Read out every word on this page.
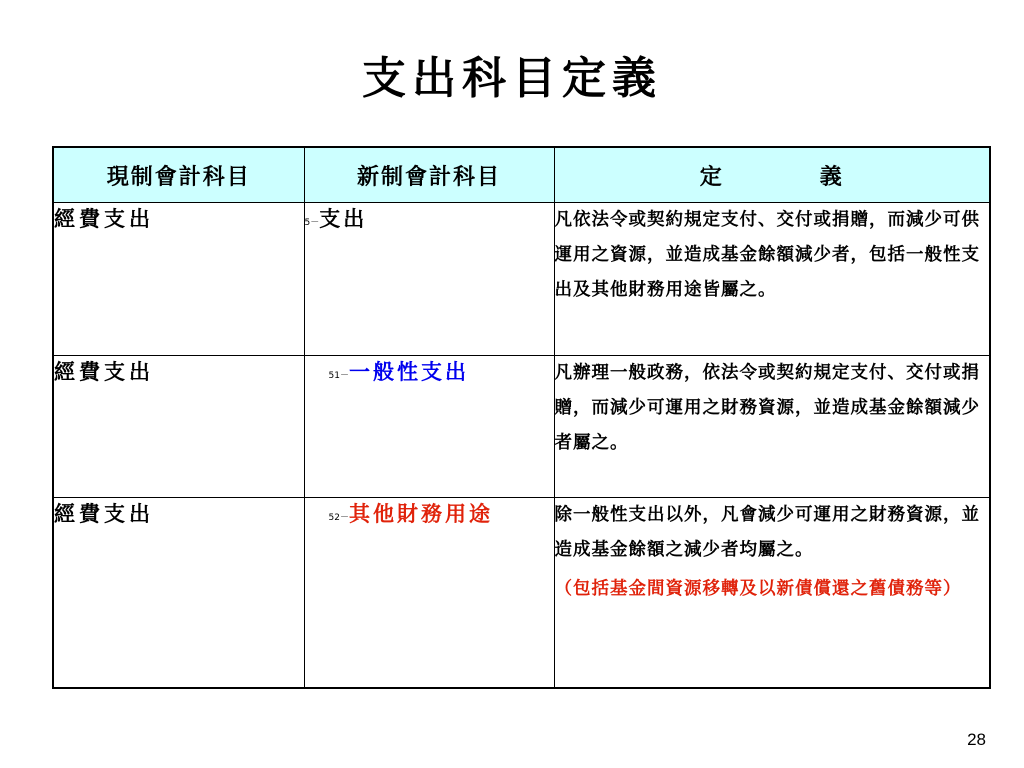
支出科目定義
現制會計科目	新制會計科目	定　　　　義
經費支出	5－支出	凡依法令或契約規定支付、交付或捐贈，而減少可供運用之資源，並造成基金餘額減少者，包括一般性支出及其他財務用途皆屬之。

經費支出	51－一般性支出	凡辦理一般政務，依法令或契約規定支付、交付或捐贈，而減少可運用之財務資源，並造成基金餘額減少者屬之。

經費支出	52－其他財務用途	除一般性支出以外，凡會減少可運用之財務資源，並造成基金餘額之減少者均屬之。
（包括基金間資源移轉及以新債償還之舊債務等）
28
